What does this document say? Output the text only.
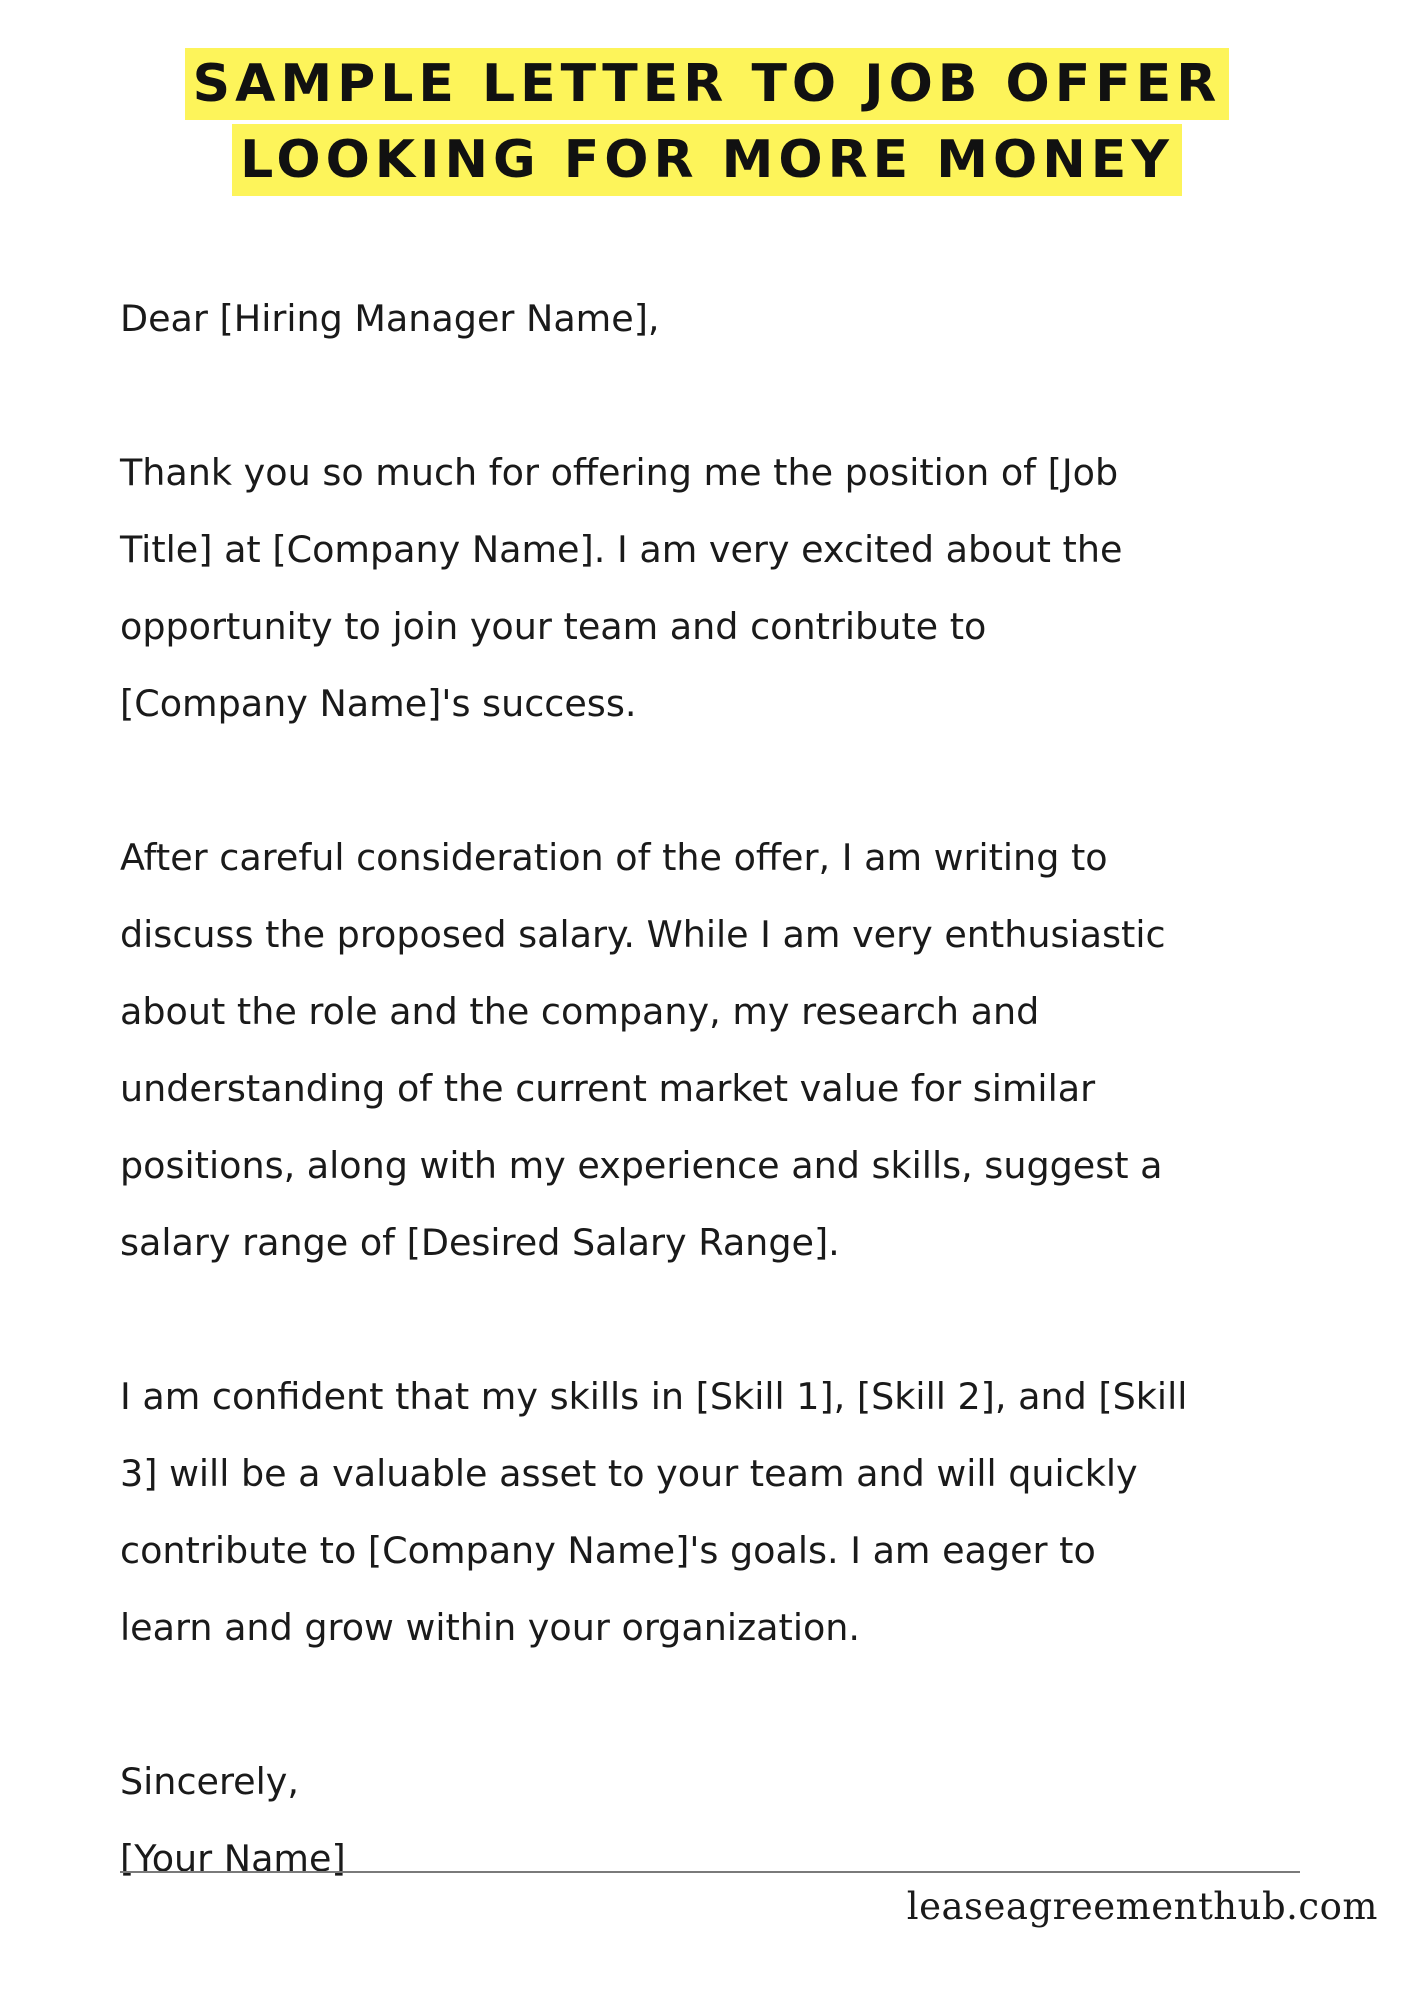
SAMPLE LETTER TO JOB OFFER
LOOKING FOR MORE MONEY
Dear [Hiring Manager Name],
Thank you so much for offering me the position of [Job
Title] at [Company Name]. I am very excited about the
opportunity to join your team and contribute to
[Company Name]'s success.
After careful consideration of the offer, I am writing to
discuss the proposed salary. While I am very enthusiastic
about the role and the company, my research and
understanding of the current market value for similar
positions, along with my experience and skills, suggest a
salary range of [Desired Salary Range].
I am confident that my skills in [Skill 1], [Skill 2], and [Skill
3] will be a valuable asset to your team and will quickly
contribute to [Company Name]'s goals. I am eager to
learn and grow within your organization.
Sincerely,
[Your Name]
leaseagreementhub.com
